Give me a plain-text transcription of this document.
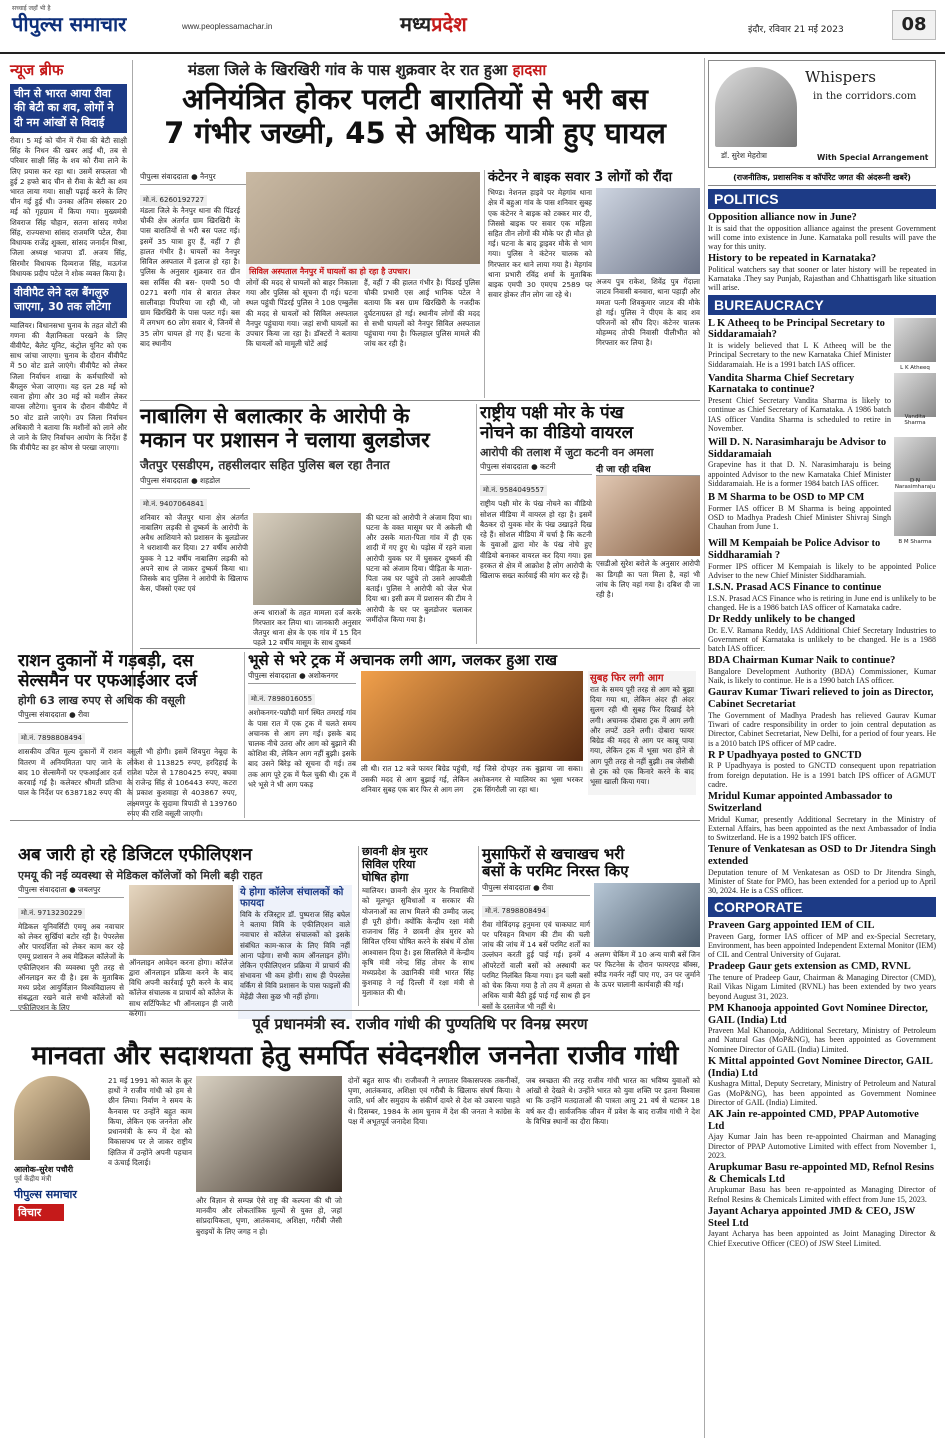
सच्चाई जहाँ भी है
पीपुल्स समाचार	www.peoplessamachar.in	मध्यप्रदेश	इंदौर, रविवार 21 मई 2023	08
न्यूज ब्रीफ
चीन से भारत आया रीवा की बेटी का शव, लोगों ने दी नम आंखों से विदाई
रीवा। 5 मई को चीन में रीवा की बेटी साक्षी सिंह के निधन की खबर आई थी, तब से परिवार साक्षी सिंह के शव को रीवा लाने के लिए प्रयास कर रहा था। उसमें सफलता भी हुई 2 हफ्ते बाद चीन से रीवा के बेटी का शव भारत लाया गया। साक्षी पढ़ाई करने के लिए चीन गई हुई थी। उनका अंतिम संस्कार 20 मई को गृहग्राम में किया गया। मुख्यमंत्री शिवराज सिंह चौहान, सतना सांसद गणेश सिंह, राज्यसभा सांसद राजमणि पटेल, रीवा विधायक राजेंद्र शुक्ला, सांसद जनार्दन मिश्रा, जिला अध्यक्ष भाजपा डॉ. अजय सिंह, सिरमौर विधायक दिव्यराज सिंह, मऊगंज विधायक प्रदीप पटेल ने शोक व्यक्त किया है।
वीवीपैट लेने दल बैंगलुरु जाएगा, 30 तक लौटेगा
ग्वालियर। विधानसभा चुनाव के तहत वोटों की गणना की वैज्ञानिकता परखने के लिए वीवीपैट, बैलेट यूनिट, कंट्रोल यूनिट को एक साथ जांचा जाएगा। चुनाव के दौरान वीवीपैट में 50 वोट डाले जाएंगे। वीवीपैट को लेकर जिला निर्वाचन शाखा के कर्मचारियों को बैंगलुरु भेजा जाएगा। यह दल 28 मई को रवाना होगा और 30 मई को मशीन लेकर वापस लौटेगा। चुनाव के दौरान वीवीपैट में 50 वोट डाले जाएंगे। उप जिला निर्वाचन अधिकारी ने बताया कि मशीनों को लाने और ले जाने के लिए निर्वाचन आयोग के निर्देश हैं कि वीवीपैट का हर कोण से परखा जाएगा।
मंडला जिले के खिरखिरी गांव के पास शुक्रवार देर रात हुआ हादसा
अनियंत्रित होकर पलटी बारातियों से भरी बस
7 गंभीर जख्मी, 45 से अधिक यात्री हुए घायल
पीपुल्स संवाददाता ● नैनपुर
मो.नं. 6260192727
मंडला जिले के नैनपुर थाना की पिंडरई चौकी क्षेत्र अंतर्गत ग्राम खिरखिरी के पास बारातियों से भरी बस पलट गई। इसमें 35 यात्रा हुए हैं, वहीं 7 ही हालत गंभीर है। घायलों का नैनपुर सिविल अस्पताल में इलाज हो रहा है। पुलिस के अनुसार शुक्रवार रात ग्रीन बस सर्विस की बस- एमपी 50 पी 0271 बरगी गांव से बारात लेकर सालीवाड़ा पिपरिया जा रही थी, जो ग्राम खिरखिरी के पास पलट गई। बस में लगभग 60 लोग सवार थे, जिनमें से 35 लोग घायल हो गए हैं। घटना के बाद स्थानीय
सिविल अस्पताल नैनपुर में घायलों का हो रहा है उपचार।
लोगों की मदद से घायलों को बाहर निकाला गया और पुलिस को सूचना दी गई। घटना स्थल पहुंची पिंडरई पुलिस ने 108 एम्बुलेंस की मदद से घायलों को सिविल अस्पताल नैनपुर पहुंचाया गया। जहां सभी घायलों का उपचार किया जा रहा है। डॉक्टरों ने बताया कि घायलों को मामूली चोटें आई
हैं, वहीं 7 की हालत गंभीर है। पिंडरई पुलिस चौकी प्रभारी एस आई भानिक पटेल ने बताया कि बस ग्राम खिरखिरी के नजदीक दुर्घटनाग्रस्त हो गई। स्थानीय लोगों की मदद से सभी घायलों को नैनपुर सिविल अस्पताल पहुंचाया गया है। फिलहाल पुलिस मामले की जांच कर रही है।
कंटेनर ने बाइक सवार 3 लोगों को रौंदा
भिण्ड। नेशनल हाइवे पर मेहगांव थाना क्षेत्र में बहुआ गांव के पास शनिवार सुबह एक कंटेनर ने बाइक को टक्कर मार दी, जिससे बाइक पर सवार एक महिला सहित तीन लोगों की मौके पर ही मौत हो गई। घटना के बाद ड्राइवर मौके से भाग गया। पुलिस ने कंटेनर चालक को गिरफ्तार कर थाने लाया गया है। मेहगांव थाना प्रभारी रविंद्र शर्मा के मुताबिक बाइक एमपी 30 एमएच 2589 पर सवार होकर तीन लोग जा रहे थे।
अजय पुत्र राकेश, शिवेंद्र पुत्र गेंदाला जाटव निवासी बनवारा, थाना पहाड़ी और ममता पत्नी शिवकुमार जाटव की मौके हो गई। पुलिस ने पीएम के बाद शव परिजनों को सौंप दिए। कंटेनर चालक मोहम्मद तोफी निवासी पीलीभीत को गिरफ्तार कर लिया है।
नाबालिग से बलात्कार के आरोपी के
मकान पर प्रशासन ने चलाया बुलडोजर
जैतपुर एसडीएम, तहसीलदार सहित पुलिस बल रहा तैनात
पीपुल्स संवाददाता ● शहडोल
मो.नं. 9407064841
शनिवार को जैतपुर थाना क्षेत्र अंतर्गत नाबालिग लड़की से दुष्कर्म के आरोपी के अवैध आशियाने को प्रशासन के बुलडोजर ने धराशायी कर दिया। 27 वर्षीय आरोपी युवक ने 12 वर्षीय नाबालिग लड़की को अपने साथ ले जाकर दुष्कर्म किया था। जिसके बाद पुलिस ने आरोपी के खिलाफ केस, पॉक्सो एक्ट एवं
अन्य धाराओं के तहत मामला दर्ज करके गिरफ्तार कर लिया था। जानकारी अनुसार जैतपुर थाना क्षेत्र के एक गांव में 15 दिन पहले 12 वर्षीय मासूम के साथ दुष्कर्म
की घटना को आरोपी ने अंजाम दिया था। घटना के वक्त मासूम घर में अकेली थी और उसके माता-पिता गांव में ही एक शादी में गए हुए थे। पड़ोस में रहने वाला आरोपी युवक घर में घुसकर दुष्कर्म की घटना को अंजाम दिया। पीड़िता के माता-पिता जब घर पहुंचे तो उसने आपबीती बताई। पुलिस ने आरोपी को जेल भेज दिया था। इसी क्रम में प्रशासन की टीम ने आरोपी के घर पर बुलडोजर चलाकर जमींदोज किया गया है।
राष्ट्रीय पक्षी मोर के पंख
नोचने का वीडियो वायरल
आरोपी की तलाश में जुटा कटनी वन अमला
पीपुल्स संवाददाता ● कटनी
मो.नं. 9584049557
राष्ट्रीय पक्षी मोर के पंख नोचने का वीडियो सोशल मीडिया में वायरल हो रहा है। इसमें बैठकर दो युवक मोर के पंख उखाड़ते दिख रहे हैं। सोशल मीडिया में चर्चा है कि कटनी के युवाओं द्वारा मोर के पंख नोचे हुए वीडियो बनाकर वायरल कर दिया गया। इस हरकत से क्षेत्र में आक्रोश है लोग आरोपी के खिलाफ सख्त कार्रवाई की मांग कर रहे हैं।
दी जा रही दबिश
एसडीओ सुरेश बरोले के अनुसार आरोपी का डिगड़ी का पता मिला है, वहां भी जांच के लिए वहां गया है। दबिश दी जा रही है।
राशन दुकानों में गड़बड़ी, दस
सेल्समैन पर एफआईआर दर्ज
होगी 63 लाख रुपए से अधिक की वसूली
पीपुल्स संवाददाता ● रीवा
मो.नं. 7898808494
शासकीय उचित मूल्य दुकानों में राशन वितरण में अनियमितता पाए जाने के बाद 10 सेल्समैनों पर एफआईआर दर्ज करवाई गई है। कलेक्टर श्रीमती प्रतिभा पाल के निर्देश पर 6387182 रुपए की
वसूली भी होगी। इसमें शिवपुरा नेबूदा के लोकेश से 113825 रुपए, हरदिहाई के राजेश पटेल से 1780425 रुपए, बघवा के राजेन्द्र सिंह से 106443 रुपए, कटरा के प्रकाश कुशवाहा से 403867 रुपए, लक्ष्मणपुर के सुदामा त्रिपाठी से 139760 रुपए की राशि वसूली जाएगी।
भूसे से भरे ट्रक में अचानक लगी आग, जलकर हुआ राख
पीपुल्स संवाददाता ● अशोकनगर
मो.नं. 7898016055
अशोकनगर-पछौदी मार्ग स्थित तमराई गांव के पास रात में एक ट्रक में चलते समय अचानक से आग लग गई। इसके बाद चालक नीचे उतरा और आग को बुझाने की कोशिश की, लेकिन आग नहीं बुझी। इसके बाद उसने बिरेड़ को सूचना दी गई। तब तक आग पूरे ट्रक में फैल चुकी थी। ट्रक में भरे भूसे ने भी आग पकड़
ली थी। रात 12 बजे फायर बिग्रेड पहुंची, उसकी मदद से आग बुझाई गई, लेकिन शनिवार सुबह एक बार फिर से आग लग
गई जिसे दोपहर तक बुझाया जा सका। अशोकनगर से ग्वालियर का भूसा भरकर ट्रक सिंगरौली जा रहा था।
सुबह फिर लगी आग
रात के समय पूरी तरह से आग को बुझा दिया गया था, लेकिन अंदर ही अंदर सुलग रही थी सुबह फिर दिखाई देने लगी। अचानक दोबारा ट्रक में आग लगी और लपटें उठने लगी। दोबारा फायर बिग्रेड की मदद से आग पर काबू पाया गया, लेकिन ट्रक में भूसा भरा होने से आग पूरी तरह से नहीं बुझी। तब जेसीबी से ट्रक को एक किनारे करने के बाद भूसा खाली किया गया।
अब जारी हो रहे डिजिटल एफीलिएशन
एमयू की नई व्यवस्था से मेडिकल कॉलेजों को मिली बड़ी राहत
पीपुल्स संवाददाता ● जबलपुर
मो.नं. 9713230229
मेडिकल यूनिवर्सिटी एमयू अब नवाचार को लेकर सुर्खियां बटोर रही है। पेपरलेस और पारदर्शिता को लेकर काम कर रहे एमयू प्रशासन ने अब मेडिकल कॉलेजों के एफीलिएशन की व्यवस्था पूरी तरह से ऑनलाइन कर दी है। इस के मुताबिक मध्य प्रदेश आयुर्विज्ञान विश्वविद्यालय से संबद्धता रखने वाले सभी कॉलेजों को एफीलिएशन के लिए
ऑनलाइन आवेदन करना होगा। कॉलेज द्वारा ऑनलाइन प्रक्रिया करने के बाद विधि अपनी कार्रवाई पूरी करने के बाद कॉलेज संचालक व प्राचार्य को कॉलेज के साथ सर्टिफिकेट भी ऑनलाइन ही जारी करेगा।
ये होगा कॉलेज संचालकों को फायदा
विवि के रजिस्ट्रार डॉ. पुष्पराज सिंह बघेल ने बताया विवि के एफीलिएशन वाले नवाचार से कॉलेज संचालकों को इसके संबंधित काम-काज के लिए विवि नहीं आना पड़ेगा। सभी काम ऑनलाइन होंगे। लेकिन एफीलिएशन प्रक्रिया में प्राचार्य की संभावना भी कम होगी। साथ ही पेपरलेस वर्किंग से विवि प्रशासन के पास फाइलों की मेहेंद्री जैसा कुछ भी नहीं होगा।
छावनी क्षेत्र मुरार
सिविल एरिया
घोषित होगा
ग्वालियर। छावनी क्षेत्र मुरार के निवासियों को मूलभूत सुविधाओं व सरकार की योजनाओं का लाभ मिलने की उम्मीद जल्द ही पूरी होगी। क्योंकि केन्द्रीय रक्षा मंत्री राजनाथ सिंह ने छावनी क्षेत्र मुरार को सिविल एरिया घोषित करने के संबंध में ठोस आश्वासन दिया है। इस सिलसिले में केन्द्रीय कृषि मंत्री नरेन्द्र सिंह तोमर के साथ मध्यप्रदेश के उद्यानिकी मंत्री भारत सिंह कुशवाह ने नई दिल्ली में रक्षा मंत्री से मुलाकात की थी।
मुसाफिरों से खचाखच भरी
बसों के परमिट निरस्त किए
पीपुल्स संवाददाता ● रीवा
मो.नं. 7898808494
रीवा गोविंदगढ़ हनुमना एवं चाकघाट मार्ग पर परिवहन विभाग की टीम की चली जांच की जांच में 14 बसें परमिट शर्तों का उल्लंघन करती हुई पाई गई। इनमें 4 ऑपरेटरों वाली बसों को अस्थायी कर परमिट निलंबित किया गया। इन चली बसों को चेक किया गया है तो तय में क्षमता से अधिक यात्री बैठी हुई पाई गईं साथ ही इन बसों के दस्तावेज भी नहीं थे।
अलग्ग चेकिंग में 10 अन्य यात्री बसें जिन पर फिटनेस के दौरान फायरएड बॉक्स, स्पीड गवर्नर नहीं पाए गए, उन पर जुर्माने के ऊपर चालानी कार्यवाही की गई।
पूर्व प्रधानमंत्री स्व. राजीव गांधी की पुण्यतिथि पर विनम्र स्मरण
मानवता और सदाशयता हेतु समर्पित संवेदनशील जननेता राजीव गांधी
आलोक-सुरेश पचौरी
पूर्व केंद्रीय मंत्री
पीपुल्स समाचार
विचार
21 मई 1991 को काल के क्रूर हाथों ने राजीव गांधी को हम से छीन लिया। निर्वाण ने समय के कैनवास पर उन्होंने बहुत काम किया, लेकिन एक जननेता और प्रधानमंत्री के रूप में देश को विकासपथ पर ले जाकर राष्ट्रीय क्षितिज में उन्होंने अपनी पहचान व ऊंचाई दिलाई।
और विज्ञान से सम्पन्न ऐसे राष्ट्र की कल्पना की थी जो मानवीय और लोकतांत्रिक मूल्यों से युक्त हो, जहां सांप्रदायिकता, घृणा, आतंकवाद, अशिक्षा, गरीबी जैसी बुराइयों के लिए जगह न हो।
दोनों बहुत साफ थी। राजीवजी ने लगातार विकासपरक तकनीकों, घृणा, आतंकवाद, अशिक्षा एवं गरीबी के खिलाफ संघर्ष किया। वे जाति, धर्म और समुदाय के संकीर्ण दायरे से देश को उबारना चाहते थे। दिसम्बर, 1984 के आम चुनाव में देश की जनता ने कांग्रेस के पक्ष में अभूतपूर्व जनादेश दिया।
जब स्वच्छता की तरह राजीव गांधी भारत का भविष्य युवाओं को आंखों से देखते थे। उन्होंने भारत को युवा शक्ति पर इतना विश्वास था कि उन्होंने मतदाताओं की पात्रता आयु 21 वर्ष से घटाकर 18 वर्ष कर दी। सार्वजनिक जीवन में प्रवेश के बाद राजीव गांधी ने देश के विभिन्न स्थानों का दौरा किया।
Whispers
in the corridors.com
डॉ. सुरेश मेहरोत्रा	With Special Arrangement
(राजनीतिक, प्रशासनिक व कॉर्पोरेट जगत की अंदरूनी खबरें)
POLITICS
Opposition alliance now in June?
It is said that the opposition alliance against the present Government will come into existence in June. Karnataka poll results will pave the way for this unity.
History to be repeated in Karnataka?
Political watchers say that sooner or later history will be repeated in Karnataka .They say Punjab, Rajasthan and Chhattisgarh like situation will arise.
BUREAUCRACY
L K Atheeq
L K Atheeq to be Principal Secretary to Siddaramaiah?
It is widely believed that L K Atheeq will be the Principal Secretary to the new Karnataka Chief Minister Siddaramaiah. He is a 1991 batch IAS officer.
Vandita Sharma
Vandita Sharma Chief Secretary Karnataka to continue?
Present Chief Secretary Vandita Sharma is likely to continue as Chief Secretary of Karnataka. A 1986 batch IAS officer Vandita Sharma is scheduled to retire in November.
D N Narasimharaju
Will D. N. Narasimharaju be Advisor to Siddaramaiah
Grapevine has it that D. N. Narasimharaju is being appointed Advisor to the new Karnataka Chief Minister Siddaramaiah. He is a former 1984 batch IAS officer.
B M Sharma
B M Sharma to be OSD to MP CM
Former IAS officer B M Sharma is being appointed OSD to Madhya Pradesh Chief Minister Shivraj Singh Chauhan from June 1.
Will M Kempaiah be Police Advisor to Siddharamiah ?
Former IPS officer M Kempaiah is likely to be appointed Police Adviser to the new Chief Minister Siddharamiah.
I.S.N. Prasad ACS Finance to continue
I.S.N. Prasad ACS Finance who is retiring in June end is unlikely to be changed. He is a 1986 batch IAS officer of Karnataka cadre.
Dr Reddy unlikely to be changed
Dr. E.V. Ramana Reddy, IAS Additional Chief Secretary Industries to Government of Karnataka is unlikely to be changed. He is a 1988 batch IAS officer.
BDA Chairman Kumar Naik to continue?
Bangalore Development Authority (BDA) Commissioner, Kumar Naik, is likely to continue. He is a 1990 batch IAS officer.
Gaurav Kumar Tiwari relieved to join as Director, Cabinet Secretariat
The Government of Madhya Pradesh has relieved Gaurav Kumar Tiwari of cadre responsibility in order to join central deputation as Director, Cabinet Secretariat, New Delhi, for a period of four years. He is a 2010 batch IPS officer of MP cadre.
R P Upadhyaya posted to GNCTD
R P Upadhyaya is posted to GNCTD consequent upon repatriation from foreign deputation. He is a 1991 batch IPS officer of AGMUT cadre.
Mridul Kumar appointed Ambassador to Switzerland
Mridul Kumar, presently Additional Secretary in the Ministry of External Affairs, has been appointed as the next Ambassador of India to Switzerland. He is a 1992 batch IFS officer.
Tenure of Venkatesan as OSD to Dr Jitendra Singh extended
Deputation tenure of M Venkatesan as OSD to Dr Jitendra Singh, Minister of State for PMO, has been extended for a period up to April 30, 2024. He is a CSS officer.
CORPORATE
Praveen Garg appointed IEM of CIL
Praveen Garg, former IAS officer of MP and ex-Special Secretary, Environment, has been appointed Independent External Monitor (IEM) of CIL and Central University of Gujarat.
Pradeep Gaur gets extension as CMD, RVNL
The tenure of Pradeep Gaur, Chairman & Managing Director (CMD), Rail Vikas Nigam Limited (RVNL) has been extended by two years beyond August 31, 2023.
PM Khanooja appointed Govt Nominee Director, GAIL (India) Ltd
Praveen Mal Khanooja, Additional Secretary, Ministry of Petroleum and Natural Gas (MoP&NG), has been appointed as Government Nominee Director of GAIL (India) Limited.
K Mittal appointed Govt Nominee Director, GAIL (India) Ltd
Kushagra Mittal, Deputy Secretary, Ministry of Petroleum and Natural Gas (MoP&NG), has been appointed as Government Nominee Director of GAIL (India) Limited.
AK Jain re-appointed CMD, PPAP Automotive Ltd
Ajay Kumar Jain has been re-appointed Chairman and Managing Director of PPAP Automotive Limited with effect from November 1, 2023.
Arupkumar Basu re-appointed MD, Refnol Resins & Chemicals Ltd
Arupkumar Basu has been re-appointed as Managing Director of Refnol Resins & Chemicals Limited with effect from June 15, 2023.
Jayant Acharya appointed JMD & CEO, JSW Steel Ltd
Jayant Acharya has been appointed as Joint Managing Director & Chief Executive Officer (CEO) of JSW Steel Limited.
